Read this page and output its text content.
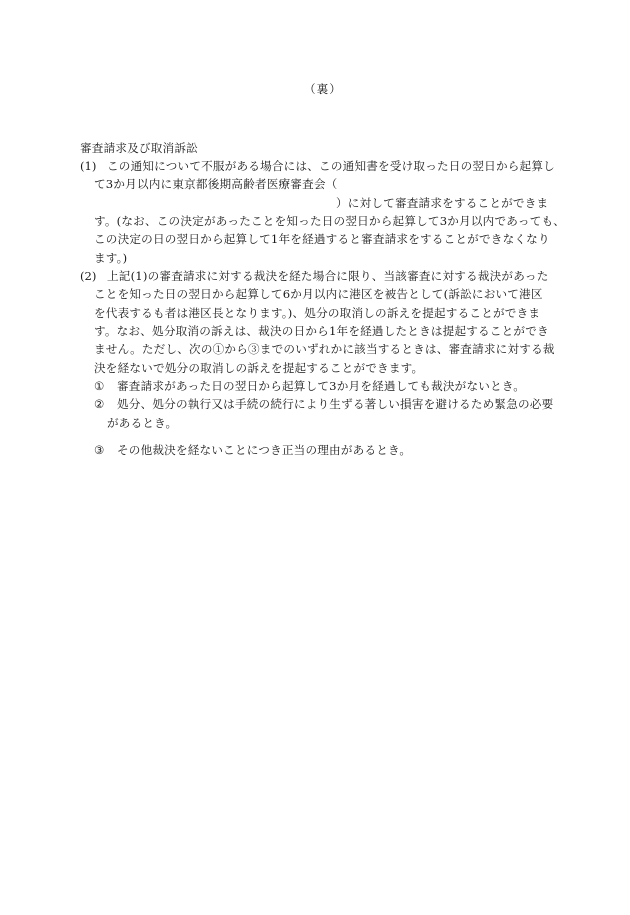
（裏）
審査請求及び取消訴訟
(1) この通知について不服がある場合には、この通知書を受け取った日の翌日から起算し
て3か月以内に東京都後期高齢者医療審査会（
）に対して審査請求をすることができま
す。(なお、この決定があったことを知った日の翌日から起算して3か月以内であっても、
この決定の日の翌日から起算して1年を経過すると審査請求をすることができなくなり
ます。)
(2) 上記(1)の審査請求に対する裁決を経た場合に限り、当該審査に対する裁決があった
ことを知った日の翌日から起算して6か月以内に港区を被告として(訴訟において港区
を代表するも者は港区長となります。)、処分の取消しの訴えを提起することができま
す。なお、処分取消の訴えは、裁決の日から1年を経過したときは提起することができ
ません。ただし、次の①から③までのいずれかに該当するときは、審査請求に対する裁
決を経ないで処分の取消しの訴えを提起することができます。
① 審査請求があった日の翌日から起算して3か月を経過しても裁決がないとき。
② 処分、処分の執行又は手続の続行により生ずる著しい損害を避けるため緊急の必要
があるとき。
③ その他裁決を経ないことにつき正当の理由があるとき。
